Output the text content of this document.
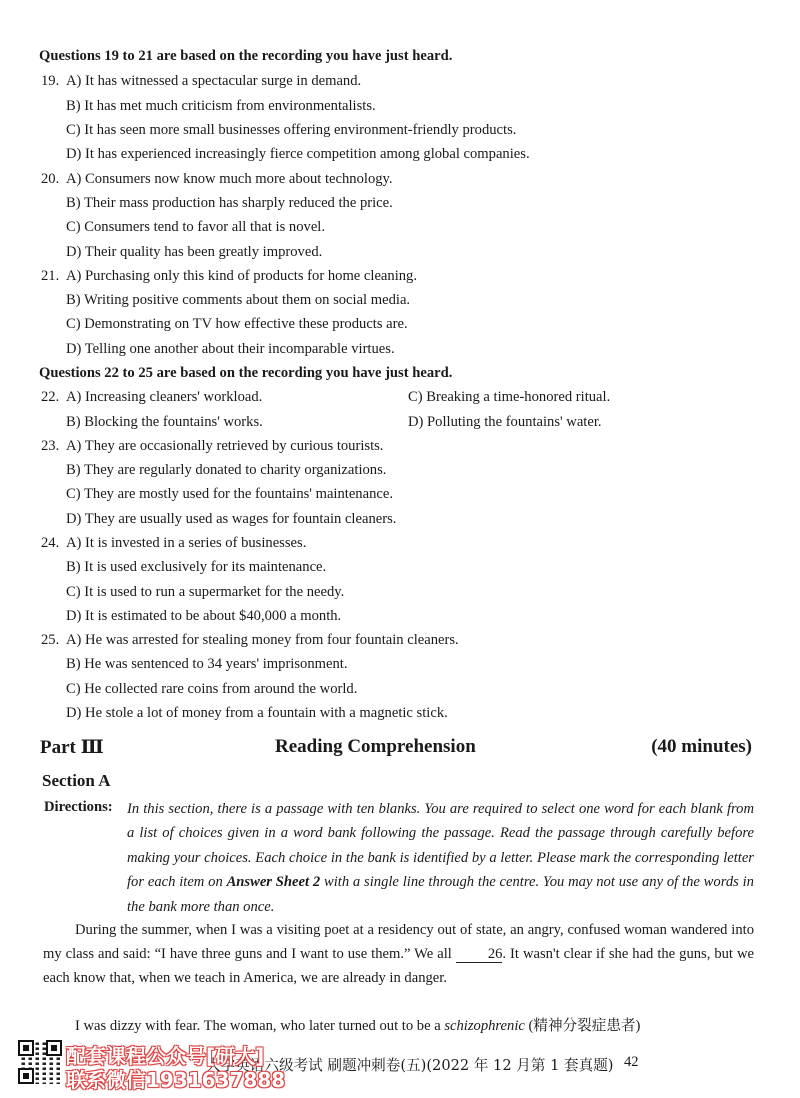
Questions 19 to 21 are based on the recording you have just heard.
19. A) It has witnessed a spectacular surge in demand.
B) It has met much criticism from environmentalists.
C) It has seen more small businesses offering environment-friendly products.
D) It has experienced increasingly fierce competition among global companies.
20. A) Consumers now know much more about technology.
B) Their mass production has sharply reduced the price.
C) Consumers tend to favor all that is novel.
D) Their quality has been greatly improved.
21. A) Purchasing only this kind of products for home cleaning.
B) Writing positive comments about them on social media.
C) Demonstrating on TV how effective these products are.
D) Telling one another about their incomparable virtues.
Questions 22 to 25 are based on the recording you have just heard.
22. A) Increasing cleaners' workload.	C) Breaking a time-honored ritual.
B) Blocking the fountains' works.	D) Polluting the fountains' water.
23. A) They are occasionally retrieved by curious tourists.
B) They are regularly donated to charity organizations.
C) They are mostly used for the fountains' maintenance.
D) They are usually used as wages for fountain cleaners.
24. A) It is invested in a series of businesses.
B) It is used exclusively for its maintenance.
C) It is used to run a supermarket for the needy.
D) It is estimated to be about $40,000 a month.
25. A) He was arrested for stealing money from four fountain cleaners.
B) He was sentenced to 34 years' imprisonment.
C) He collected rare coins from around the world.
D) He stole a lot of money from a fountain with a magnetic stick.
Part Ⅲ	Reading Comprehension	(40 minutes)
Section A
Directions: In this section, there is a passage with ten blanks. You are required to select one word for each blank from a list of choices given in a word bank following the passage. Read the passage through carefully before making your choices. Each choice in the bank is identified by a letter. Please mark the corresponding letter for each item on Answer Sheet 2 with a single line through the centre. You may not use any of the words in the bank more than once.
During the summer, when I was a visiting poet at a residency out of state, an angry, confused woman wandered into my class and said: “I have three guns and I want to use them.” We all 26. It wasn't clear if she had the guns, but we each know that, when we teach in America, we are already in danger.
I was dizzy with fear. The woman, who later turned out to be a schizophrenic (精神分裂症患者)
大学英语六级考试 刷题冲刺卷(五)(2022 年 12 月第 1 套真题)
配套课程公众号[研大]
联系微信1931637888
42
